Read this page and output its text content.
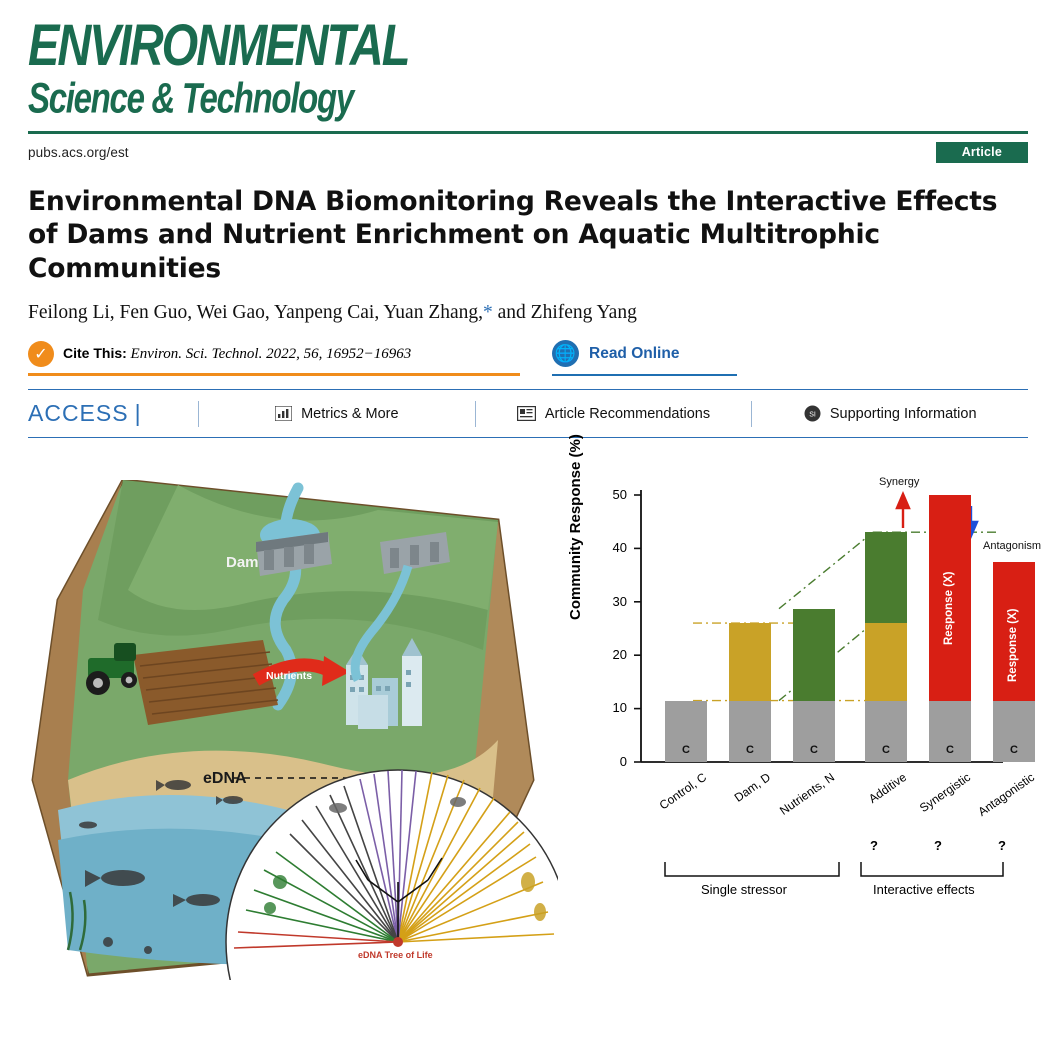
ENVIRONMENTAL
Science & Technology
pubs.acs.org/est	Article
Environmental DNA Biomonitoring Reveals the Interactive Effects of Dams and Nutrient Enrichment on Aquatic Multitrophic Communities
Feilong Li, Fen Guo, Wei Gao, Yanpeng Cai, Yuan Zhang,* and Zhifeng Yang
✓	Cite This: Environ. Sci. Technol. 2022, 56, 16952−16963	🌐 Read Online
ACCESS |	Metrics & More	Article Recommendations	SI Supporting Information
Dam
Nutrients
eDNA
eDNA Tree of Life
Community Response (%)
0
10
20
30
40
50
C	C	C	C	C
Response (X)
C
Response (X)
Control, C	Dam, D Nutrients, N	Additive Synergistic Antagonistic
?	?	?
Single stressor	Interactive effects
Synergy
Antagonism
